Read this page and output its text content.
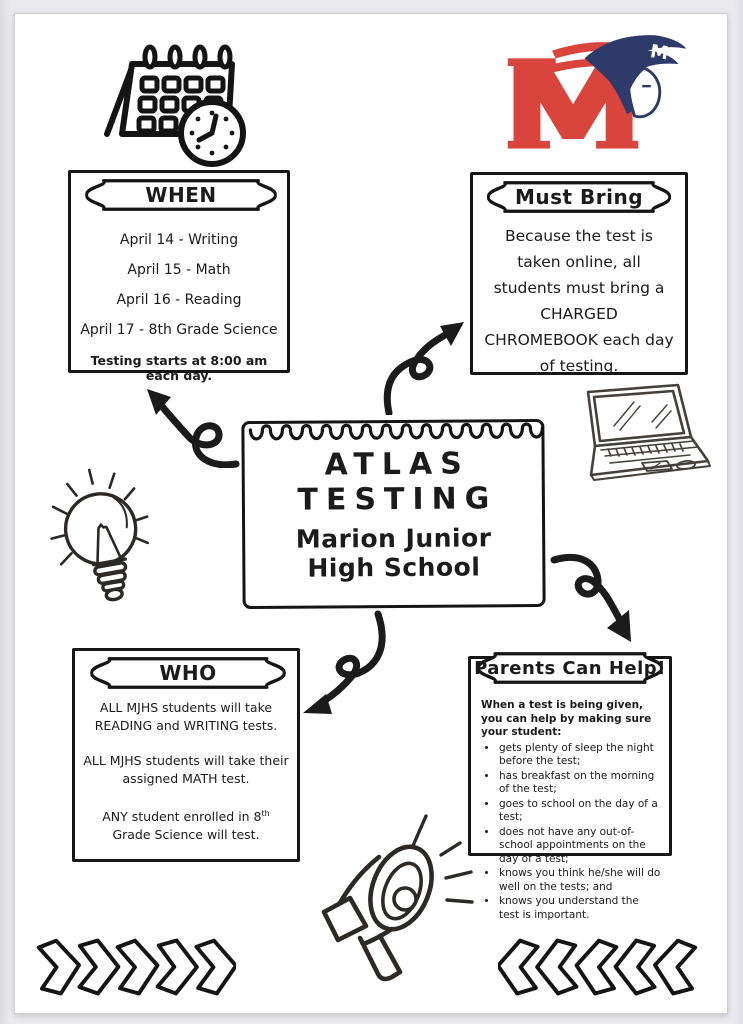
M
WHEN
April 14 - Writing
April 15 - Math
April 16 - Reading
April 17 - 8th Grade Science
Testing starts at 8:00 am each day.
Must Bring
Because the test is taken online, all students must bring a CHARGED CHROMEBOOK each day of testing.
ATLAS
TESTING
Marion Junior
High School
WHO
ALL MJHS students will take READING and WRITING tests.
ALL MJHS students will take their assigned MATH test.
ANY student enrolled in 8th Grade Science will test.
Parents Can Help!
When a test is being given, you can help by making sure your student:
• gets plenty of sleep the night before the test;
• has breakfast on the morning of the test;
• goes to school on the day of a test;
• does not have any out-of-school appointments on the day of a test;
• knows you think he/she will do well on the tests; and
• knows you understand the test is important.
